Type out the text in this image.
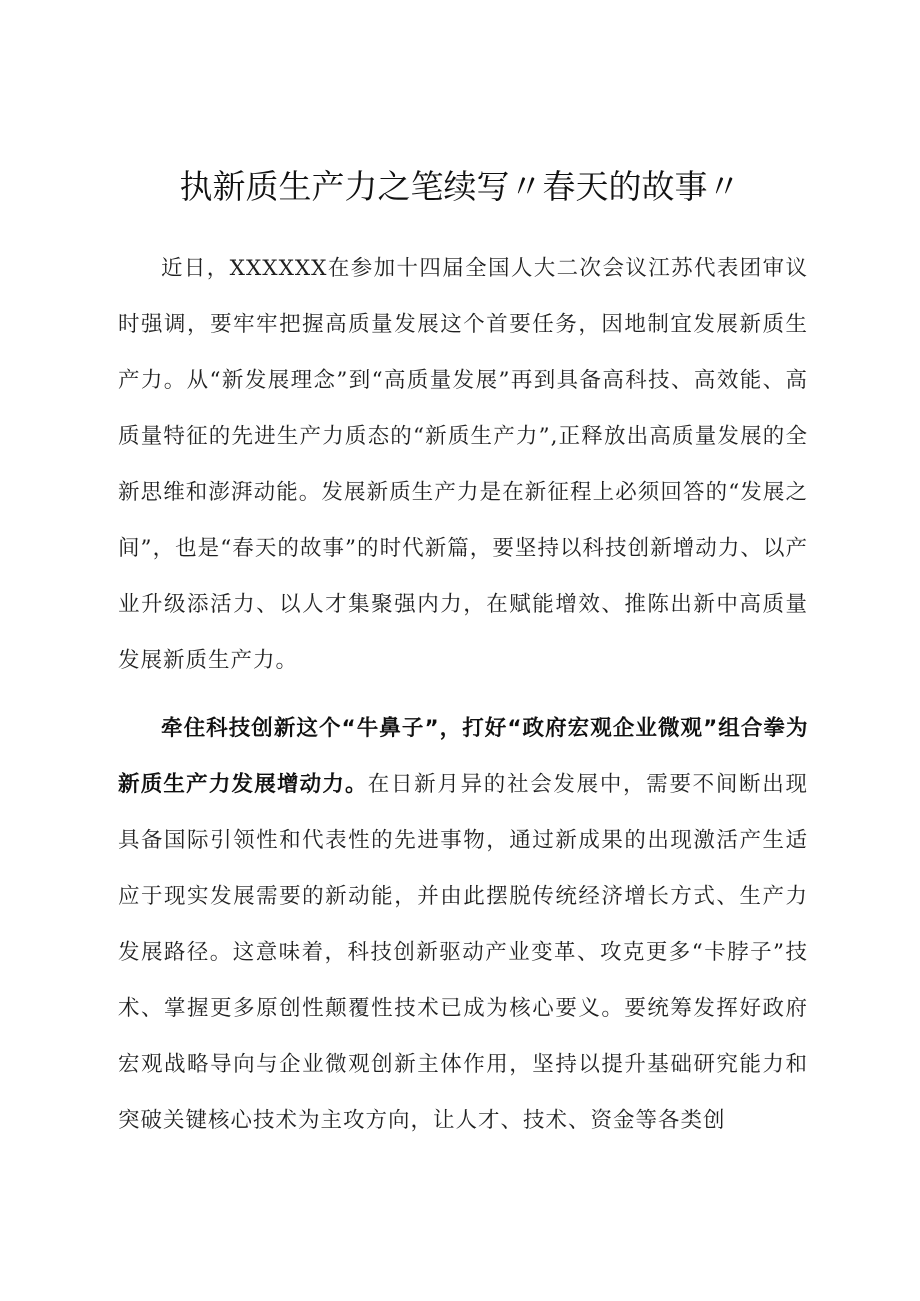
执新质生产力之笔续写〃春天的故事〃

近日，XXXXXX在参加十四届全国人大二次会议江苏代表团审议时强调，要牢牢把握高质量发展这个首要任务，因地制宜发展新质生产力。从“新发展理念”到“高质量发展”再到具备高科技、高效能、高质量特征的先进生产力质态的“新质生产力”,正释放出高质量发展的全新思维和澎湃动能。发展新质生产力是在新征程上必须回答的“发展之间”，也是“春天的故事”的时代新篇，要坚持以科技创新增动力、以产业升级添活力、以人才集聚强内力，在赋能增效、推陈出新中高质量发展新质生产力。

牵住科技创新这个“牛鼻子”，打好“政府宏观企业微观”组合拳为新质生产力发展增动力。在日新月异的社会发展中，需要不间断出现具备国际引领性和代表性的先进事物，通过新成果的出现激活产生适应于现实发展需要的新动能，并由此摆脱传统经济增长方式、生产力发展路径。这意味着，科技创新驱动产业变革、攻克更多“卡脖子”技术、掌握更多原创性颠覆性技术已成为核心要义。要统筹发挥好政府宏观战略导向与企业微观创新主体作用，坚持以提升基础研究能力和突破关键核心技术为主攻方向，让人才、技术、资金等各类创
